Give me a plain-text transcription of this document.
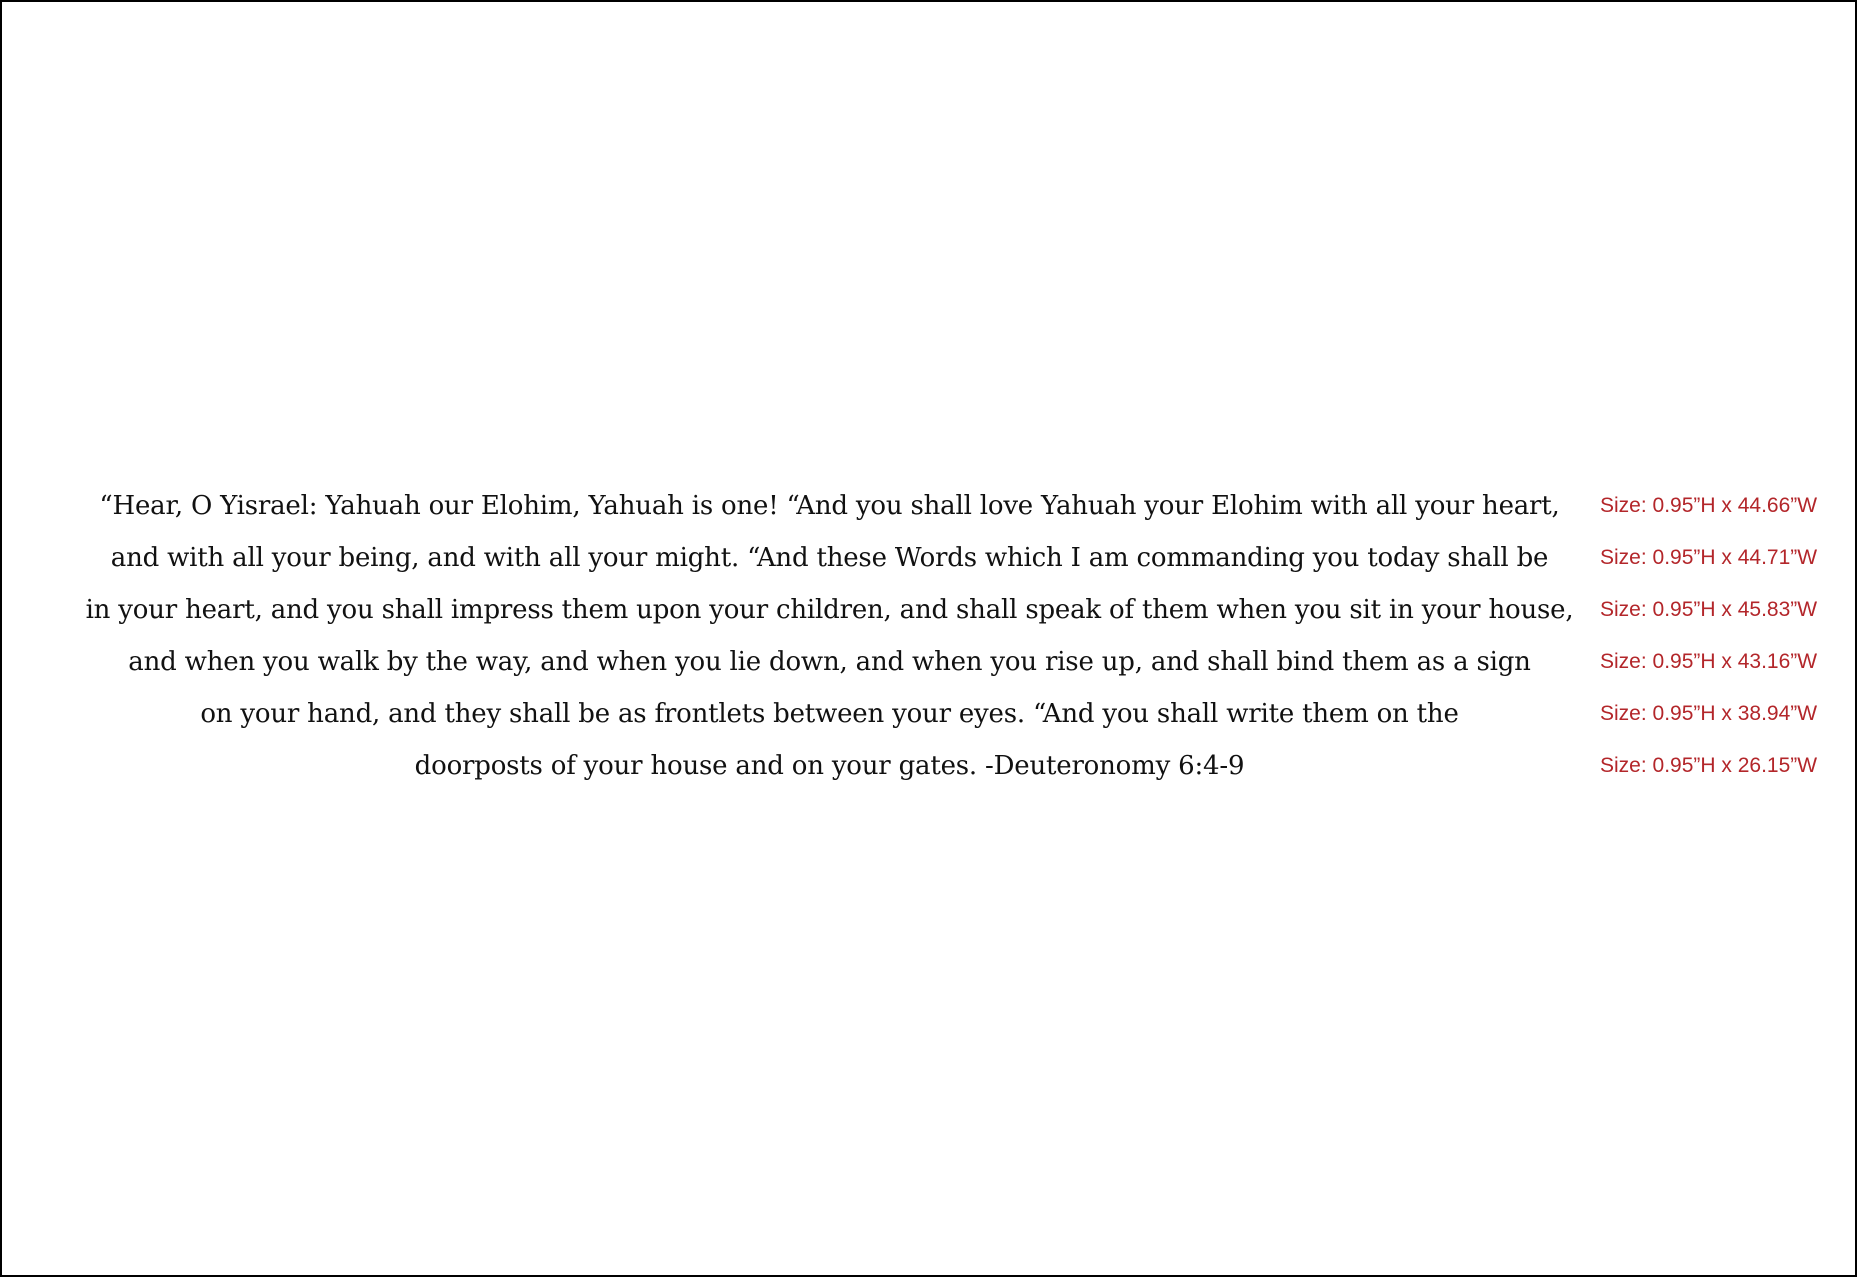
“Hear, O Yisrael: Yahuah our Elohim, Yahuah is one! “And you shall love Yahuah your Elohim with all your heart,
and with all your being, and with all your might. “And these Words which I am commanding you today shall be
in your heart, and you shall impress them upon your children, and shall speak of them when you sit in your house,
and when you walk by the way, and when you lie down, and when you rise up, and shall bind them as a sign
on your hand, and they shall be as frontlets between your eyes. “And you shall write them on the
doorposts of your house and on your gates. -Deuteronomy 6:4-9
Size: 0.95”H x 44.66”W
Size: 0.95”H x 44.71”W
Size: 0.95”H x 45.83”W
Size: 0.95”H x 43.16”W
Size: 0.95”H x 38.94”W
Size: 0.95”H x 26.15”W
